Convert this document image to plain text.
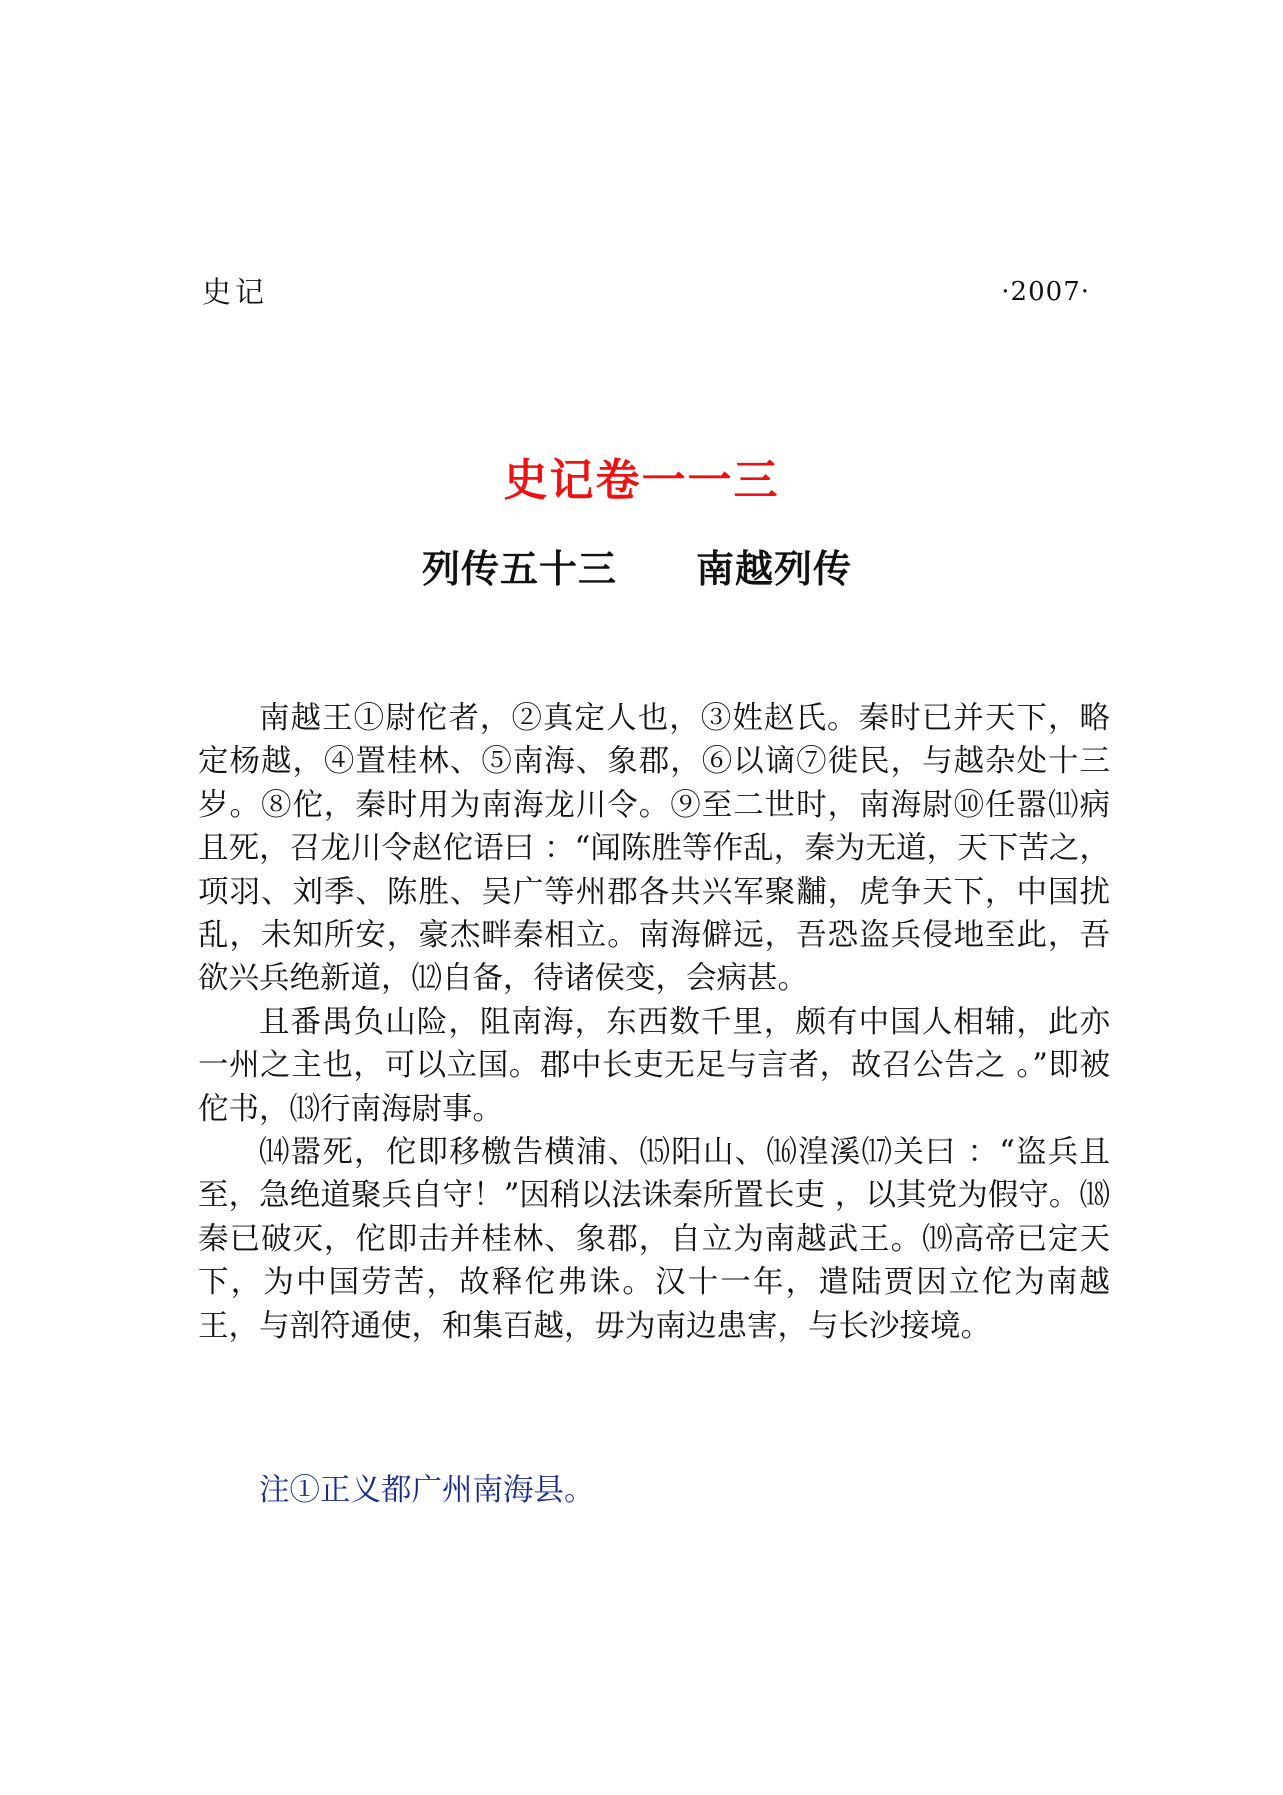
史记	·2007·
史记卷一一三
列传五十三 南越列传

南越王①尉佗者，②真定人也，③姓赵氏。秦时已并天下，略定杨越，④置桂林、⑤南海、象郡，⑥以谪⑦徙民，与越杂处十三岁。⑧佗，秦时用为南海龙川令。⑨至二世时，南海尉⑩任嚣⑾病且死，召龙川令赵佗语曰 ：“闻陈胜等作乱，秦为无道，天下苦之，项羽、刘季、陈胜、吴广等州郡各共兴军聚黼，虎争天下，中国扰乱，未知所安，豪杰畔秦相立。南海僻远，吾恐盗兵侵地至此，吾欲兴兵绝新道，⑿自备，待诸侯变，会病甚。

且番禺负山险，阻南海，东西数千里，颇有中国人相辅，此亦一州之主也，可以立国。郡中长吏无足与言者，故召公告之 。”即被佗书，⒀行南海尉事。

⒁嚣死，佗即移檄告横浦、⒂阳山、⒃湟溪⒄关曰 ：“盗兵且至，急绝道聚兵自守！”因稍以法诛秦所置长吏 ，以其党为假守。⒅秦已破灭，佗即击并桂林、象郡，自立为南越武王。⒆高帝已定天下，为中国劳苦，故释佗弗诛。汉十一年，遣陆贾因立佗为南越王，与剖符通使，和集百越，毋为南边患害，与长沙接境。

注①正义都广州南海县。
